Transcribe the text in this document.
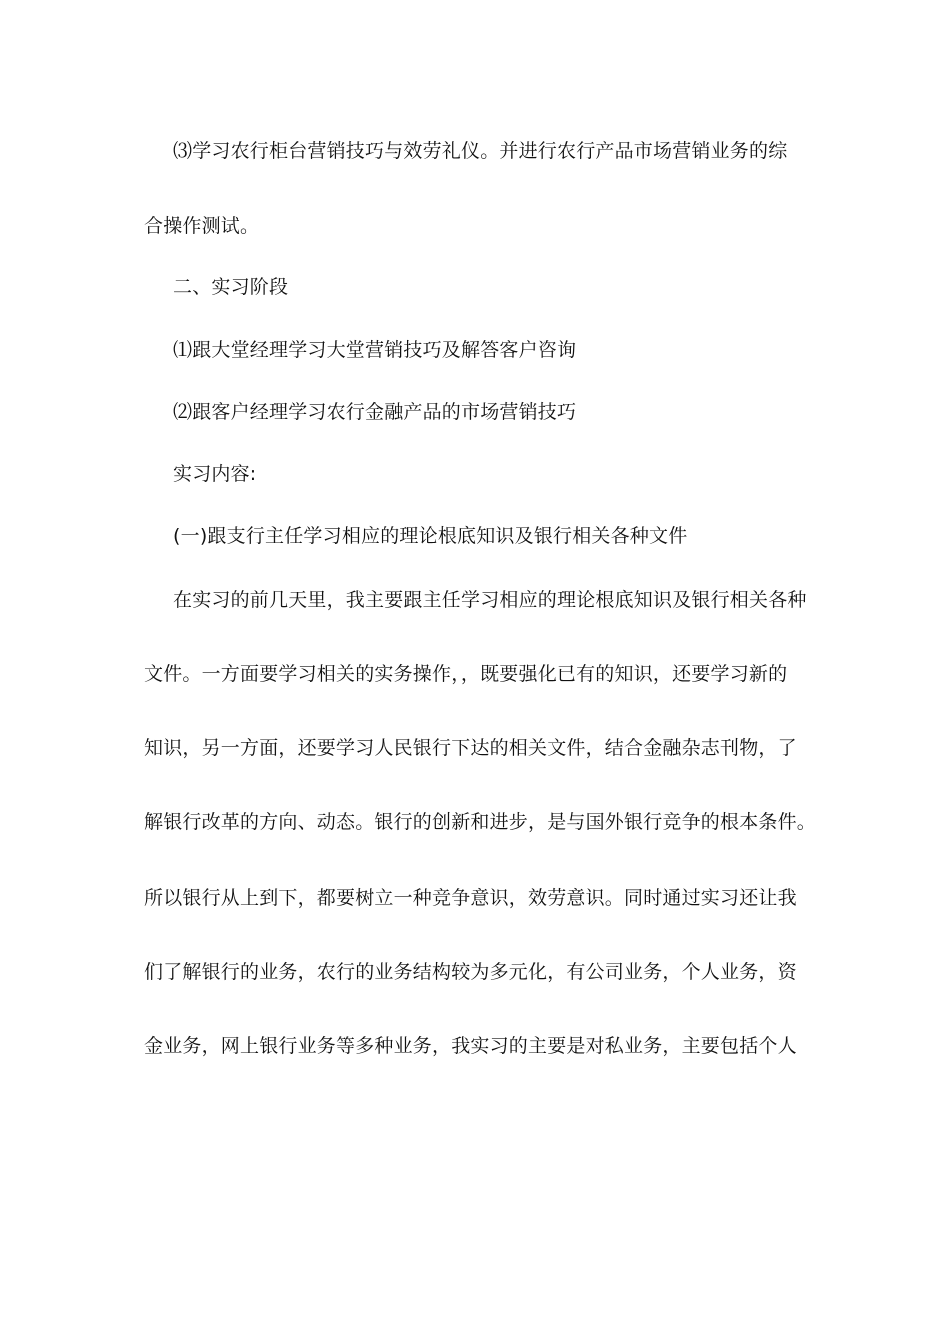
⑶学习农行柜台营销技巧与效劳礼仪。并进行农行产品市场营销业务的综
合操作测试。
二、实习阶段
⑴跟大堂经理学习大堂营销技巧及解答客户咨询
⑵跟客户经理学习农行金融产品的市场营销技巧
实习内容:
(一)跟支行主任学习相应的理论根底知识及银行相关各种文件
在实习的前几天里，我主要跟主任学习相应的理论根底知识及银行相关各种
文件。一方面要学习相关的实务操作，，既要强化已有的知识，还要学习新的
知识，另一方面，还要学习人民银行下达的相关文件，结合金融杂志刊物，了
解银行改革的方向、动态。银行的创新和进步，是与国外银行竞争的根本条件。
所以银行从上到下，都要树立一种竞争意识，效劳意识。同时通过实习还让我
们了解银行的业务，农行的业务结构较为多元化，有公司业务，个人业务，资
金业务，网上银行业务等多种业务，我实习的主要是对私业务，主要包括个人
